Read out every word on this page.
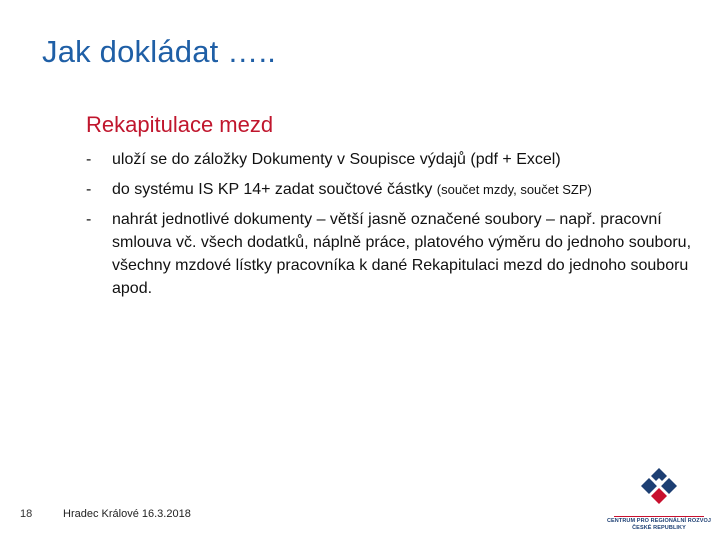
Jak dokládat …..
Rekapitulace mezd
-	uloží se do záložky Dokumenty v Soupisce výdajů (pdf + Excel)
-	do systému IS KP 14+ zadat součtové částky (součet mzdy, součet SZP)
-	nahrát jednotlivé dokumenty – větší jasně označené soubory – např. pracovní smlouva vč. všech dodatků, náplně práce, platového výměru do jednoho souboru, všechny mzdové lístky pracovníka k dané Rekapitulaci mezd do jednoho souboru apod.
18	Hradec Králové 16.3.2018
CENTRUM PRO REGIONÁLNÍ ROZVOJ
ČESKÉ REPUBLIKY
